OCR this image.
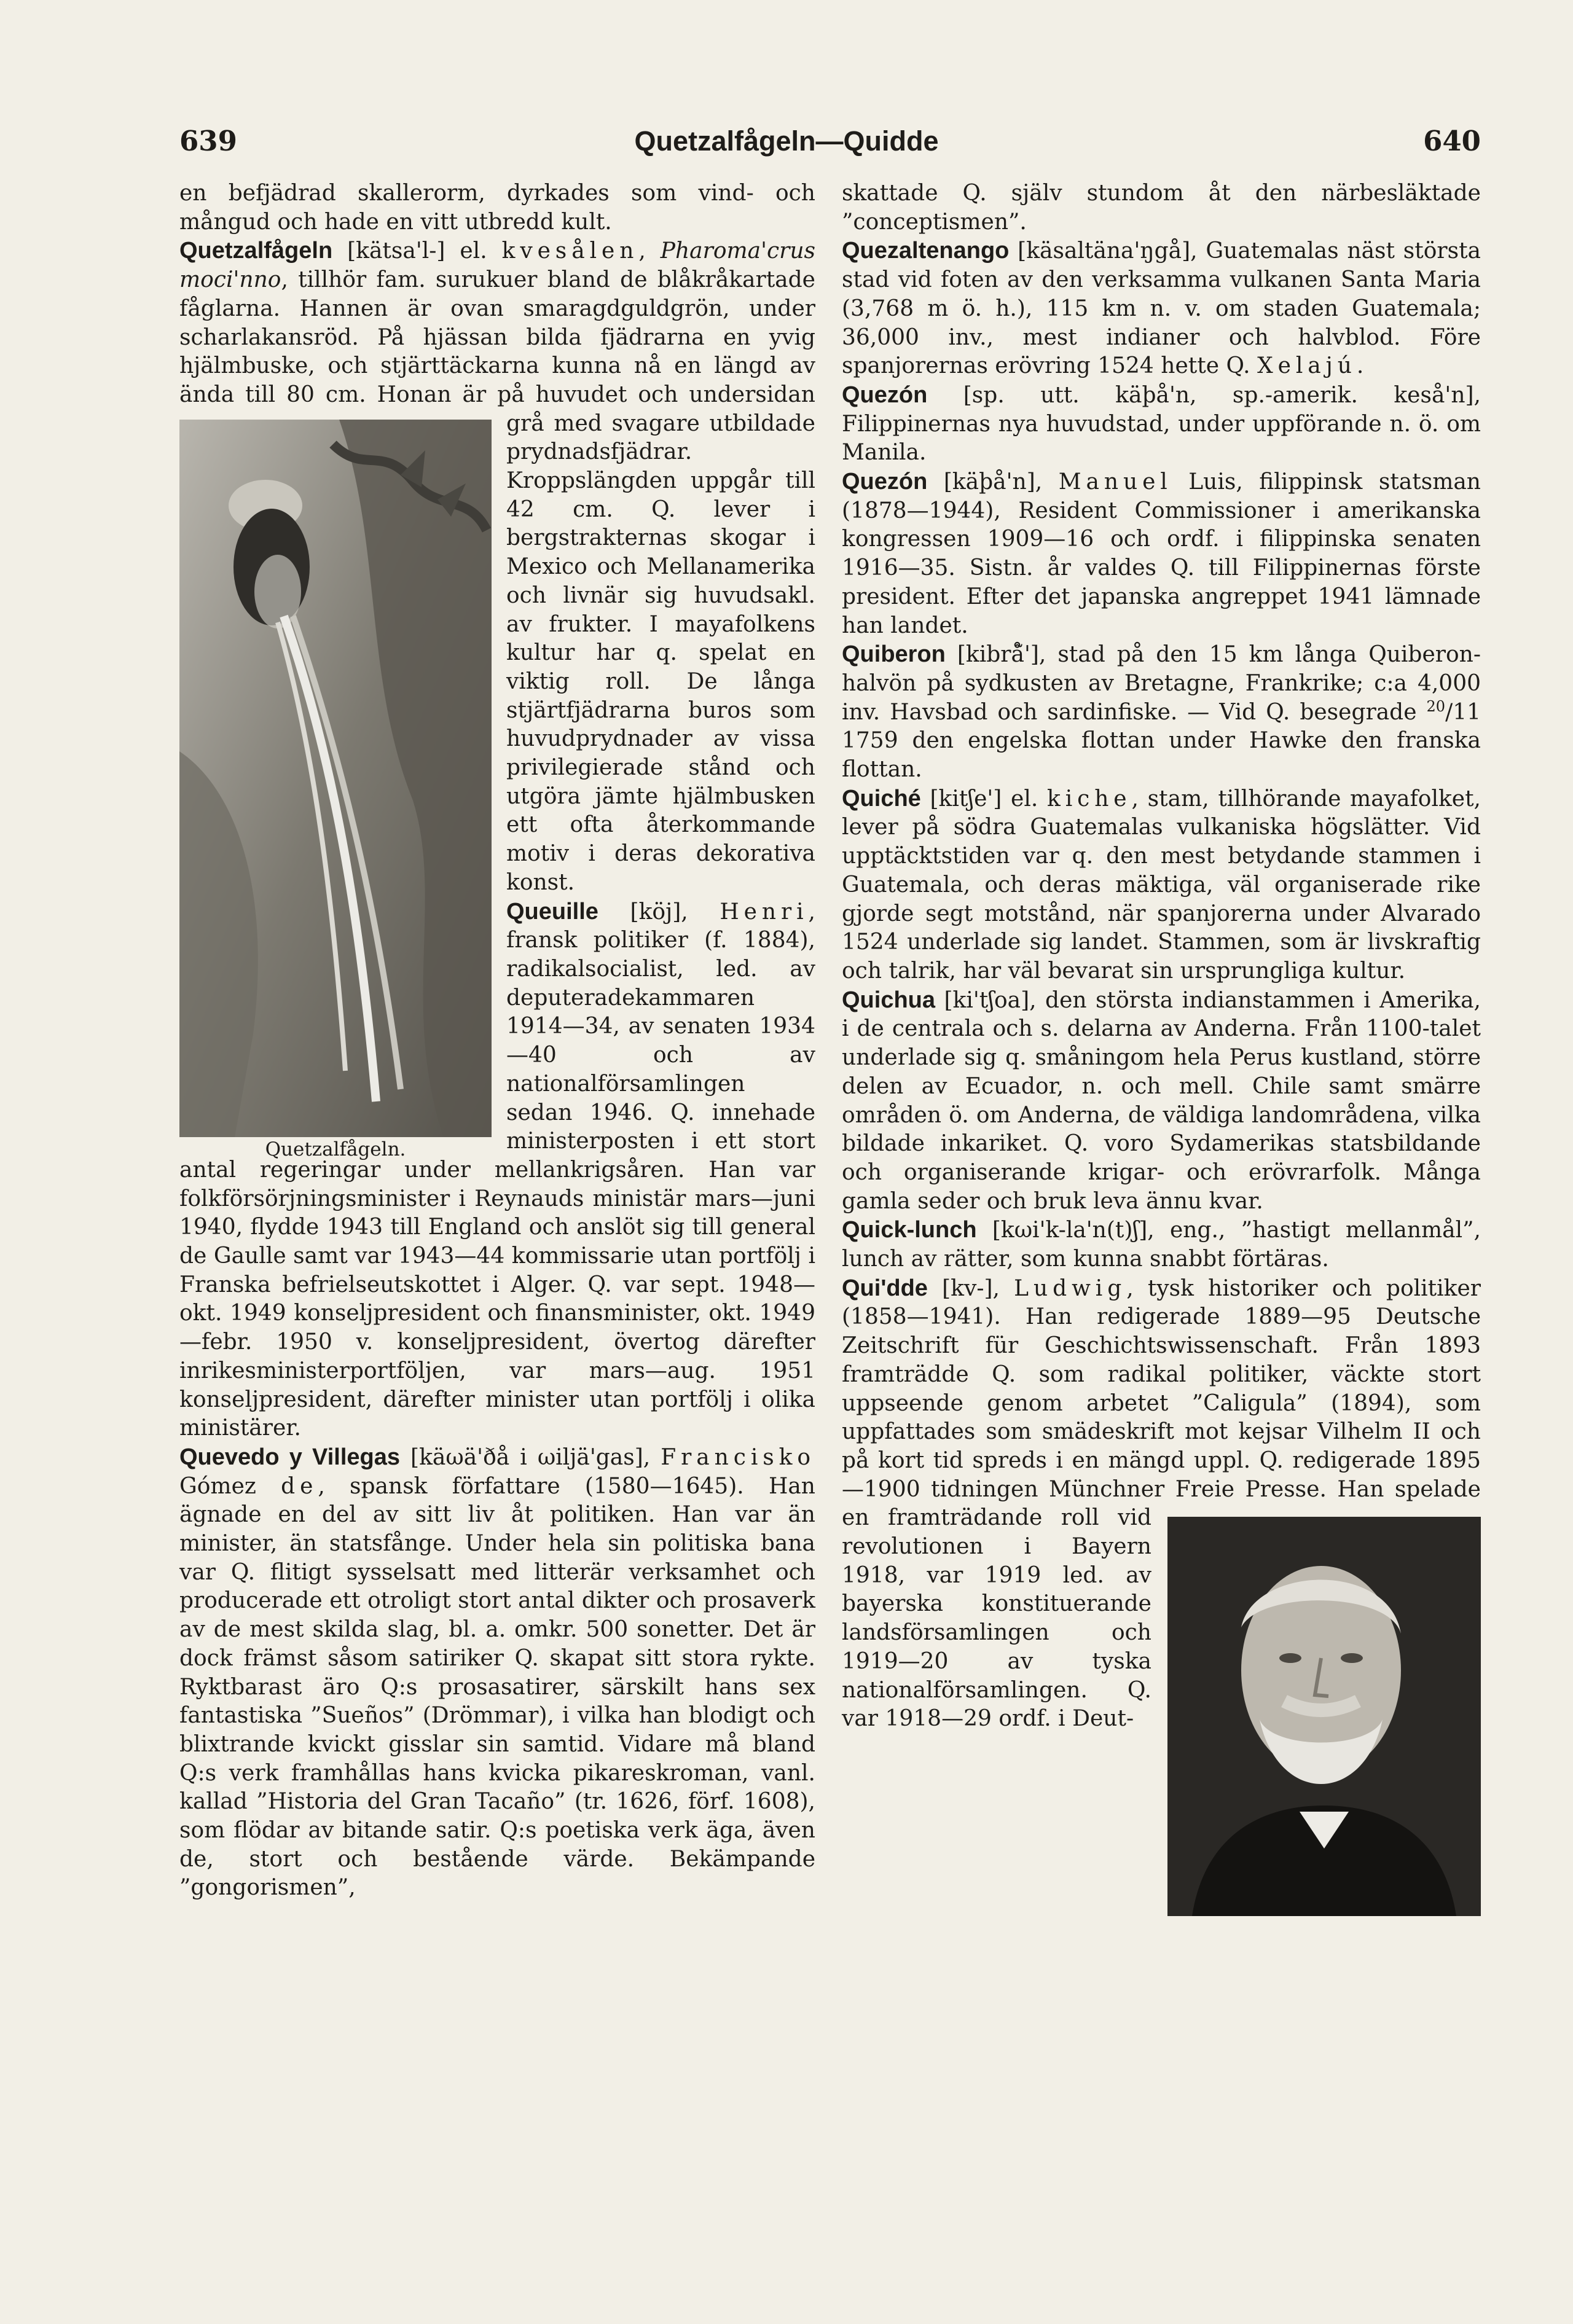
639	Quetzalfågeln—Quidde	640

en befjädrad skallerorm, dyrkades som vind- och mångud och hade en vitt utbredd kult.

Quetzalfågeln.

Quetzalfågeln [kätsa'l-] el. kvesålen, Pharoma'crus moci'nno, tillhör fam. surukuer bland de blåkråkartade fåglarna. Hannen är ovan smaragdguldgrön, under scharlakansröd. På hjässan bilda fjädrarna en yvig hjälmbuske, och stjärttäckarna kunna nå en längd av ända till 80 cm. Honan är på huvudet och undersidan grå med svagare utbildade prydnadsfjädrar. Kroppslängden uppgår till 42 cm. Q. lever i bergstrakternas skogar i Mexico och Mellanamerika och livnär sig huvudsakl. av frukter. I mayafolkens kultur har q. spelat en viktig roll. De långa stjärtfjädrarna buros som huvudprydnader av vissa privilegierade stånd och utgöra jämte hjälmbusken ett ofta återkommande motiv i deras dekorativa konst.

Queuille [köj], Henri, fransk politiker (f. 1884), radikalsocialist, led. av deputeradekammaren 1914—34, av senaten 1934—40 och av nationalförsamlingen sedan 1946. Q. innehade ministerposten i ett stort antal regeringar under mellankrigsåren. Han var folkförsörjningsminister i Reynauds ministär mars—juni 1940, flydde 1943 till England och anslöt sig till general de Gaulle samt var 1943—44 kommissarie utan portfölj i Franska befrielseutskottet i Alger. Q. var sept. 1948—okt. 1949 konseljpresident och finansminister, okt. 1949—febr. 1950 v. konseljpresident, övertog därefter inrikesministerportföljen, var mars—aug. 1951 konseljpresident, därefter minister utan portfölj i olika ministärer.

Quevedo y Villegas [käωä'ðå i ωiljä'gas], Francisko Gómez de, spansk författare (1580—1645). Han ägnade en del av sitt liv åt politiken. Han var än minister, än statsfånge. Under hela sin politiska bana var Q. flitigt sysselsatt med litterär verksamhet och producerade ett otroligt stort antal dikter och prosaverk av de mest skilda slag, bl. a. omkr. 500 sonetter. Det är dock främst såsom satiriker Q. skapat sitt stora rykte. Ryktbarast äro Q:s prosasatirer, särskilt hans sex fantastiska ”Sueños” (Drömmar), i vilka han blodigt och blixtrande kvickt gisslar sin samtid. Vidare må bland Q:s verk framhållas hans kvicka pikareskroman, vanl. kallad ”Historia del Gran Tacaño” (tr. 1626, förf. 1608), som flödar av bitande satir. Q:s poetiska verk äga, även de, stort och bestående värde. Bekämpande ”gongorismen”,

skattade Q. själv stundom åt den närbesläktade ”conceptismen”.

Quezaltenango [käsaltäna'ŋgå], Guatemalas näst största stad vid foten av den verksamma vulkanen Santa Maria (3,768 m ö. h.), 115 km n. v. om staden Guatemala; 36,000 inv., mest indianer och halvblod. Före spanjorernas erövring 1524 hette Q. Xelajú.

Quezón [sp. utt. käþå'n, sp.-amerik. keså'n], Filippinernas nya huvudstad, under uppförande n. ö. om Manila.

Quezón [käþå'n], Manuel Luis, filippinsk statsman (1878—1944), Resident Commissioner i amerikanska kongressen 1909—16 och ordf. i filippinska senaten 1916—35. Sistn. år valdes Q. till Filippinernas förste president. Efter det japanska angreppet 1941 lämnade han landet.

Quiberon [kibrå̃'], stad på den 15 km långa Quiberon-halvön på sydkusten av Bretagne, Frankrike; c:a 4,000 inv. Havsbad och sardinfiske. — Vid Q. besegrade $^{20}$/11 1759 den engelska flottan under Hawke den franska flottan.

Quiché [kitʃe'] el. kiche, stam, tillhörande mayafolket, lever på södra Guatemalas vulkaniska högslätter. Vid upptäcktstiden var q. den mest betydande stammen i Guatemala, och deras mäktiga, väl organiserade rike gjorde segt motstånd, när spanjorerna under Alvarado 1524 underlade sig landet. Stammen, som är livskraftig och talrik, har väl bevarat sin ursprungliga kultur.

Quichua [ki'tʃoa], den största indianstammen i Amerika, i de centrala och s. delarna av Anderna. Från 1100-talet underlade sig q. småningom hela Perus kustland, större delen av Ecuador, n. och mell. Chile samt smärre områden ö. om Anderna, de väldiga landområdena, vilka bildade inkariket. Q. voro Sydamerikas statsbildande och organiserande krigar- och erövrarfolk. Många gamla seder och bruk leva ännu kvar.

Quick-lunch [kωi'k-la'n(t)ʃ], eng., ”hastigt mellanmål”, lunch av rätter, som kunna snabbt förtäras.

Qui'dde [kv-], Ludwig, tysk historiker och politiker (1858—1941). Han redigerade 1889—95 Deutsche Zeitschrift für Geschichtswissenschaft. Från 1893 framträdde Q. som radikal politiker, väckte stort uppseende genom arbetet ”Caligula” (1894), som uppfattades som smädeskrift mot kejsar Vilhelm II och på kort tid spreds i en mängd uppl. Q. redigerade 1895—1900 tidningen Münchner Freie Presse. Han spelade en framträdande roll vid revolutionen i Bayern 1918, var 1919 led. av bayerska konstituerande landsförsamlingen och 1919—20 av tyska nationalförsamlingen. Q. var 1918—29 ordf. i Deut-
